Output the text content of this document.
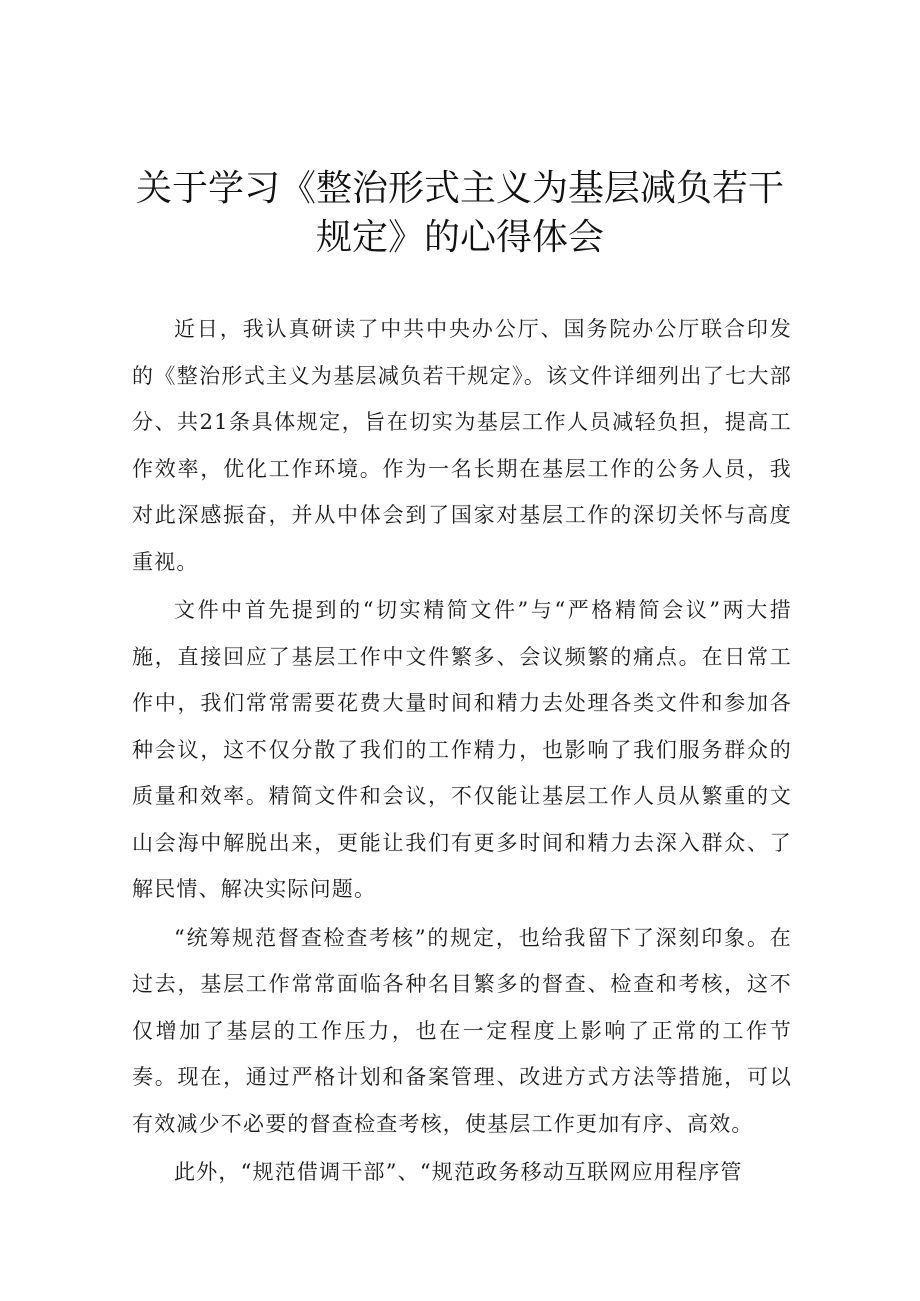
关于学习《整治形式主义为基层减负若干
规定》的心得体会

近日，我认真研读了中共中央办公厅、国务院办公厅联合印发的《整治形式主义为基层减负若干规定》。该文件详细列出了七大部分、共21条具体规定，旨在切实为基层工作人员减轻负担，提高工作效率，优化工作环境。作为一名长期在基层工作的公务人员，我对此深感振奋，并从中体会到了国家对基层工作的深切关怀与高度重视。

文件中首先提到的“切实精简文件”与“严格精简会议”两大措施，直接回应了基层工作中文件繁多、会议频繁的痛点。在日常工作中，我们常常需要花费大量时间和精力去处理各类文件和参加各种会议，这不仅分散了我们的工作精力，也影响了我们服务群众的质量和效率。精简文件和会议，不仅能让基层工作人员从繁重的文山会海中解脱出来，更能让我们有更多时间和精力去深入群众、了解民情、解决实际问题。

“统筹规范督查检查考核”的规定，也给我留下了深刻印象。在过去，基层工作常常面临各种名目繁多的督查、检查和考核，这不仅增加了基层的工作压力，也在一定程度上影响了正常的工作节奏。现在，通过严格计划和备案管理、改进方式方法等措施，可以有效减少不必要的督查检查考核，使基层工作更加有序、高效。

此外，“规范借调干部”、“规范政务移动互联网应用程序管
